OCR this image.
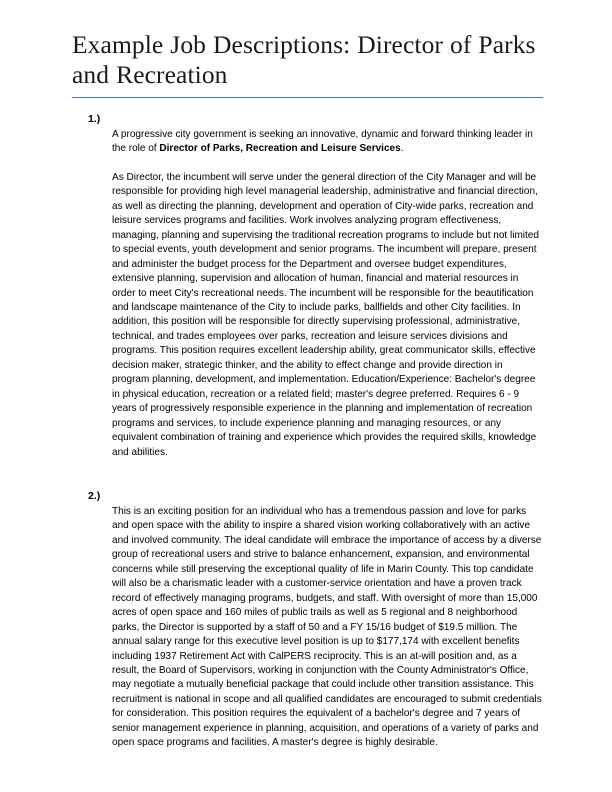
Example Job Descriptions: Director of Parks and Recreation
1.)

A progressive city government is seeking an innovative, dynamic and forward thinking leader in the role of Director of Parks, Recreation and Leisure Services.

As Director, the incumbent will serve under the general direction of the City Manager and will be responsible for providing high level managerial leadership, administrative and financial direction, as well as directing the planning, development and operation of City-wide parks, recreation and leisure services programs and facilities. Work involves analyzing program effectiveness, managing, planning and supervising the traditional recreation programs to include but not limited to special events, youth development and senior programs. The incumbent will prepare, present and administer the budget process for the Department and oversee budget expenditures, extensive planning, supervision and allocation of human, financial and material resources in order to meet City's recreational needs. The incumbent will be responsible for the beautification and landscape maintenance of the City to include parks, ballfields and other City facilities. In addition, this position will be responsible for directly supervising professional, administrative, technical, and trades employees over parks, recreation and leisure services divisions and programs. This position requires excellent leadership ability, great communicator skills, effective decision maker, strategic thinker, and the ability to effect change and provide direction in program planning, development, and implementation. Education/Experience: Bachelor's degree in physical education, recreation or a related field; master's degree preferred. Requires 6 - 9 years of progressively responsible experience in the planning and implementation of recreation programs and services, to include experience planning and managing resources, or any equivalent combination of training and experience which provides the required skills, knowledge and abilities.

2.)

This is an exciting position for an individual who has a tremendous passion and love for parks and open space with the ability to inspire a shared vision working collaboratively with an active and involved community. The ideal candidate will embrace the importance of access by a diverse group of recreational users and strive to balance enhancement, expansion, and environmental concerns while still preserving the exceptional quality of life in Marin County. This top candidate will also be a charismatic leader with a customer-service orientation and have a proven track record of effectively managing programs, budgets, and staff. With oversight of more than 15,000 acres of open space and 160 miles of public trails as well as 5 regional and 8 neighborhood parks, the Director is supported by a staff of 50 and a FY 15/16 budget of $19.5 million. The annual salary range for this executive level position is up to $177,174 with excellent benefits including 1937 Retirement Act with CalPERS reciprocity. This is an at-will position and, as a result, the Board of Supervisors, working in conjunction with the County Administrator's Office, may negotiate a mutually beneficial package that could include other transition assistance. This recruitment is national in scope and all qualified candidates are encouraged to submit credentials for consideration. This position requires the equivalent of a bachelor's degree and 7 years of senior management experience in planning, acquisition, and operations of a variety of parks and open space programs and facilities. A master's degree is highly desirable.
